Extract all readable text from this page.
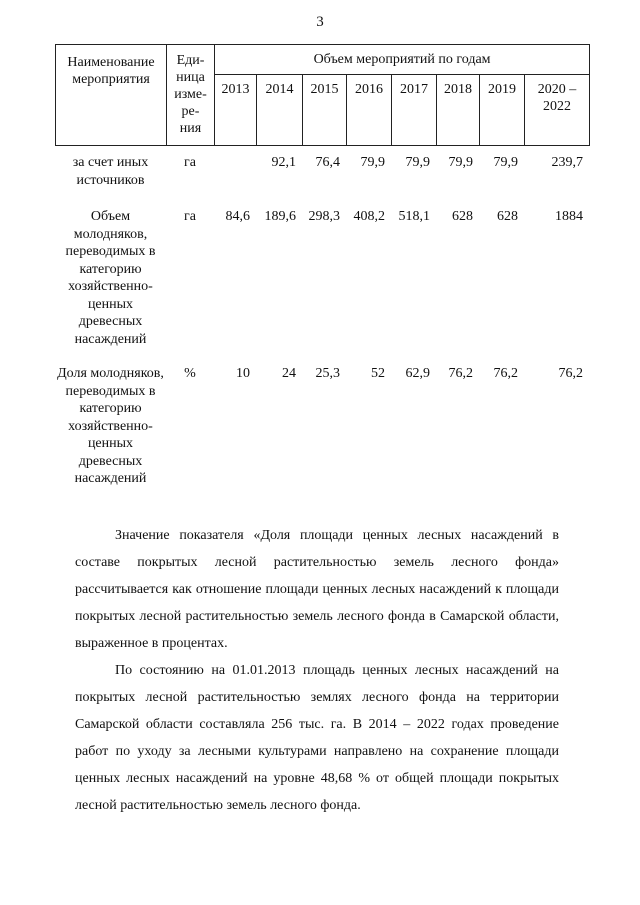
3
Наименование мероприятия	Еди-
ница
изме-
ре-
ния	Объем мероприятий по годам							
		2013	2014	2015	2016	2017	2018	2019	2020 – 2022
за счет иных источников	га		92,1	76,4	79,9	79,9	79,9	79,9	239,7
Объем молодняков, переводимых в категорию хозяйственно-ценных древесных насаждений	га	84,6	189,6	298,3	408,2	518,1	628	628	1884
Доля молодняков, переводимых в категорию хозяйственно-ценных древесных насаждений	%	10	24	25,3	52	62,9	76,2	76,2	76,2

Значение показателя «Доля площади ценных лесных насаждений в составе покрытых лесной растительностью земель лесного фонда» рассчитывается как отношение площади ценных лесных насаждений к площади покрытых лесной растительностью земель лесного фонда в Самарской области, выраженное в процентах.

По состоянию на 01.01.2013 площадь ценных лесных насаждений на покрытых лесной растительностью землях лесного фонда на территории Самарской области составляла 256 тыс. га. В 2014 – 2022 годах проведение работ по уходу за лесными культурами направлено на сохранение площади ценных лесных насаждений на уровне 48,68 % от общей площади покрытых лесной растительностью земель лесного фонда.
